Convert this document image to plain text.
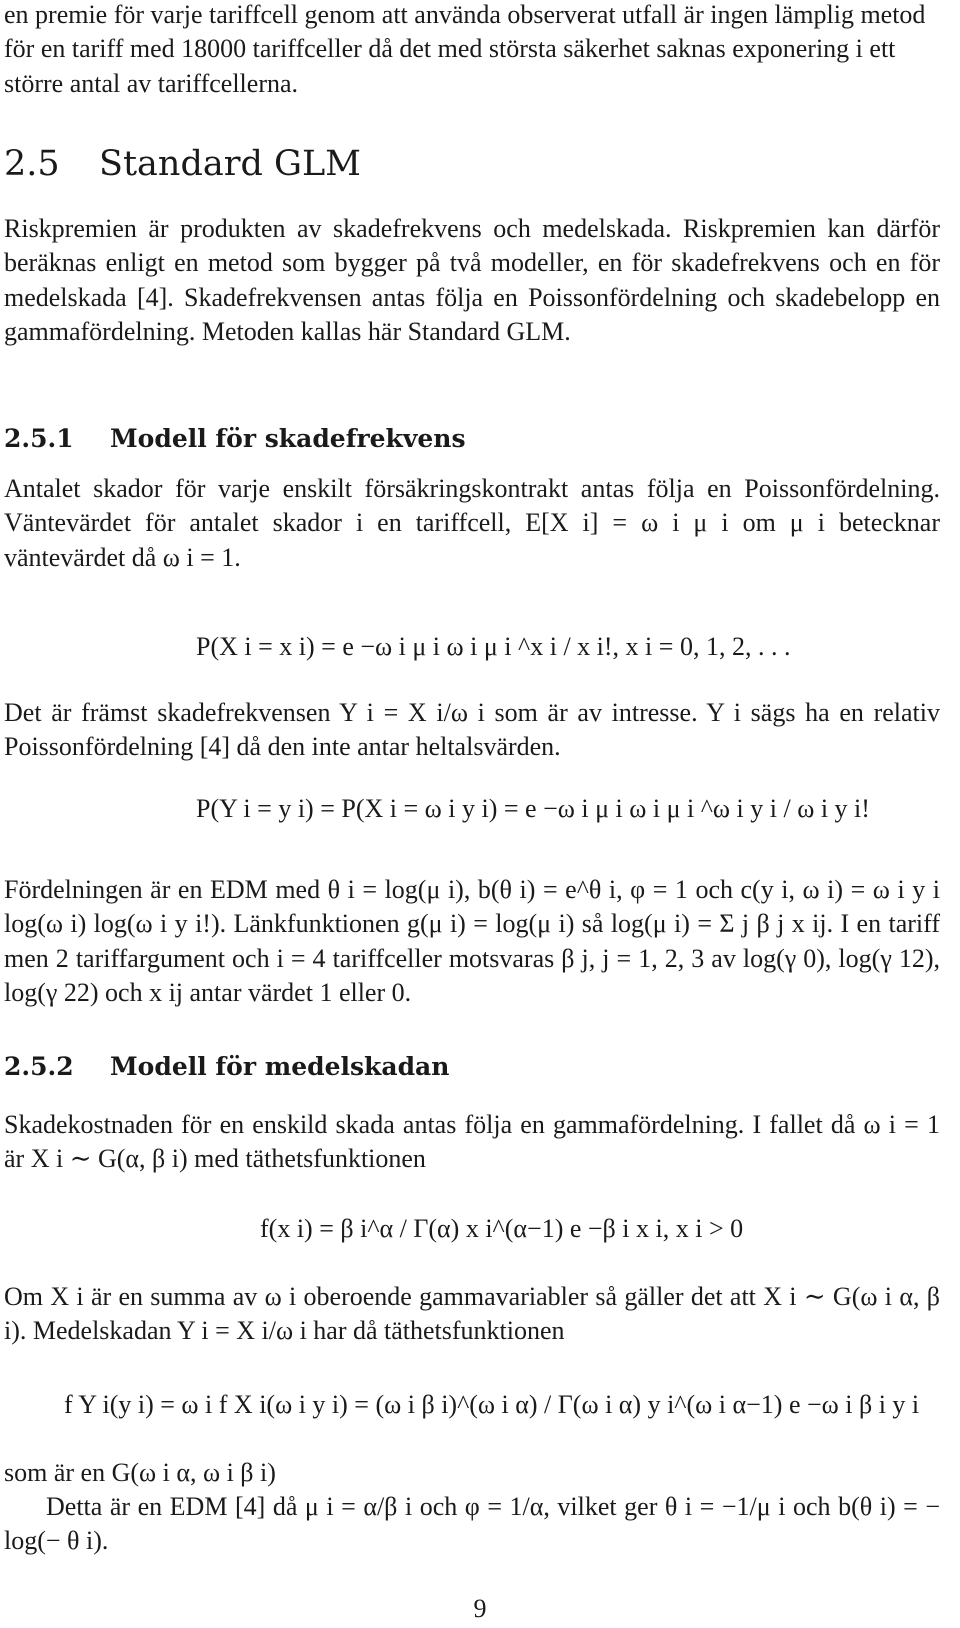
en premie för varje tariffcell genom att använda observerat utfall är ingen lämplig metod för en tariff med 18000 tariffceller då det med största säkerhet saknas exponering i ett större antal av tariffcellerna.

2.5 Standard GLM

Riskpremien är produkten av skadefrekvens och medelskada. Riskpremien kan därför beräknas enligt en metod som bygger på två modeller, en för skadefrekvens och en för medelskada [4]. Skadefrekvensen antas följa en Poissonfördelning och skadebelopp en gammafördelning. Metoden kallas här Standard GLM.

2.5.1 Modell för skadefrekvens

Antalet skador för varje enskilt försäkringskontrakt antas följa en Poissonfördelning. Väntevärdet för antalet skador i en tariffcell, E[X i] = ω i μ i om μ i betecknar väntevärdet då ω i = 1.

P(X i = x i) = e −ω i μ i ω i μ i ^x i / x i!, x i = 0, 1, 2, . . .

Det är främst skadefrekvensen Y i = X i/ω i som är av intresse. Y i sägs ha en relativ Poissonfördelning [4] då den inte antar heltalsvärden.

P(Y i = y i) = P(X i = ω i y i) = e −ω i μ i ω i μ i ^ω i y i / ω i y i!

Fördelningen är en EDM med θ i = log(μ i), b(θ i) = e^θ i, φ = 1 och c(y i, ω i) = ω i y i log(ω i) log(ω i y i!). Länkfunktionen g(μ i) = log(μ i) så log(μ i) = Σ j β j x ij. I en tariff men 2 tariffargument och i = 4 tariffceller motsvaras β j, j = 1, 2, 3 av log(γ 0), log(γ 12), log(γ 22) och x ij antar värdet 1 eller 0.

2.5.2 Modell för medelskadan

Skadekostnaden för en enskild skada antas följa en gammafördelning. I fallet då ω i = 1 är X i ∼ G(α, β i) med täthetsfunktionen

f(x i) = β i^α / Γ(α) x i^(α−1) e −β i x i, x i > 0

Om X i är en summa av ω i oberoende gammavariabler så gäller det att X i ∼ G(ω i α, β i). Medelskadan Y i = X i/ω i har då täthetsfunktionen

f Y i(y i) = ω i f X i(ω i y i) = (ω i β i)^(ω i α) / Γ(ω i α) y i^(ω i α−1) e −ω i β i y i

som är en G(ω i α, ω i β i)

Detta är en EDM [4] då μ i = α/β i och φ = 1/α, vilket ger θ i = −1/μ i och b(θ i) = − log(− θ i).

9
